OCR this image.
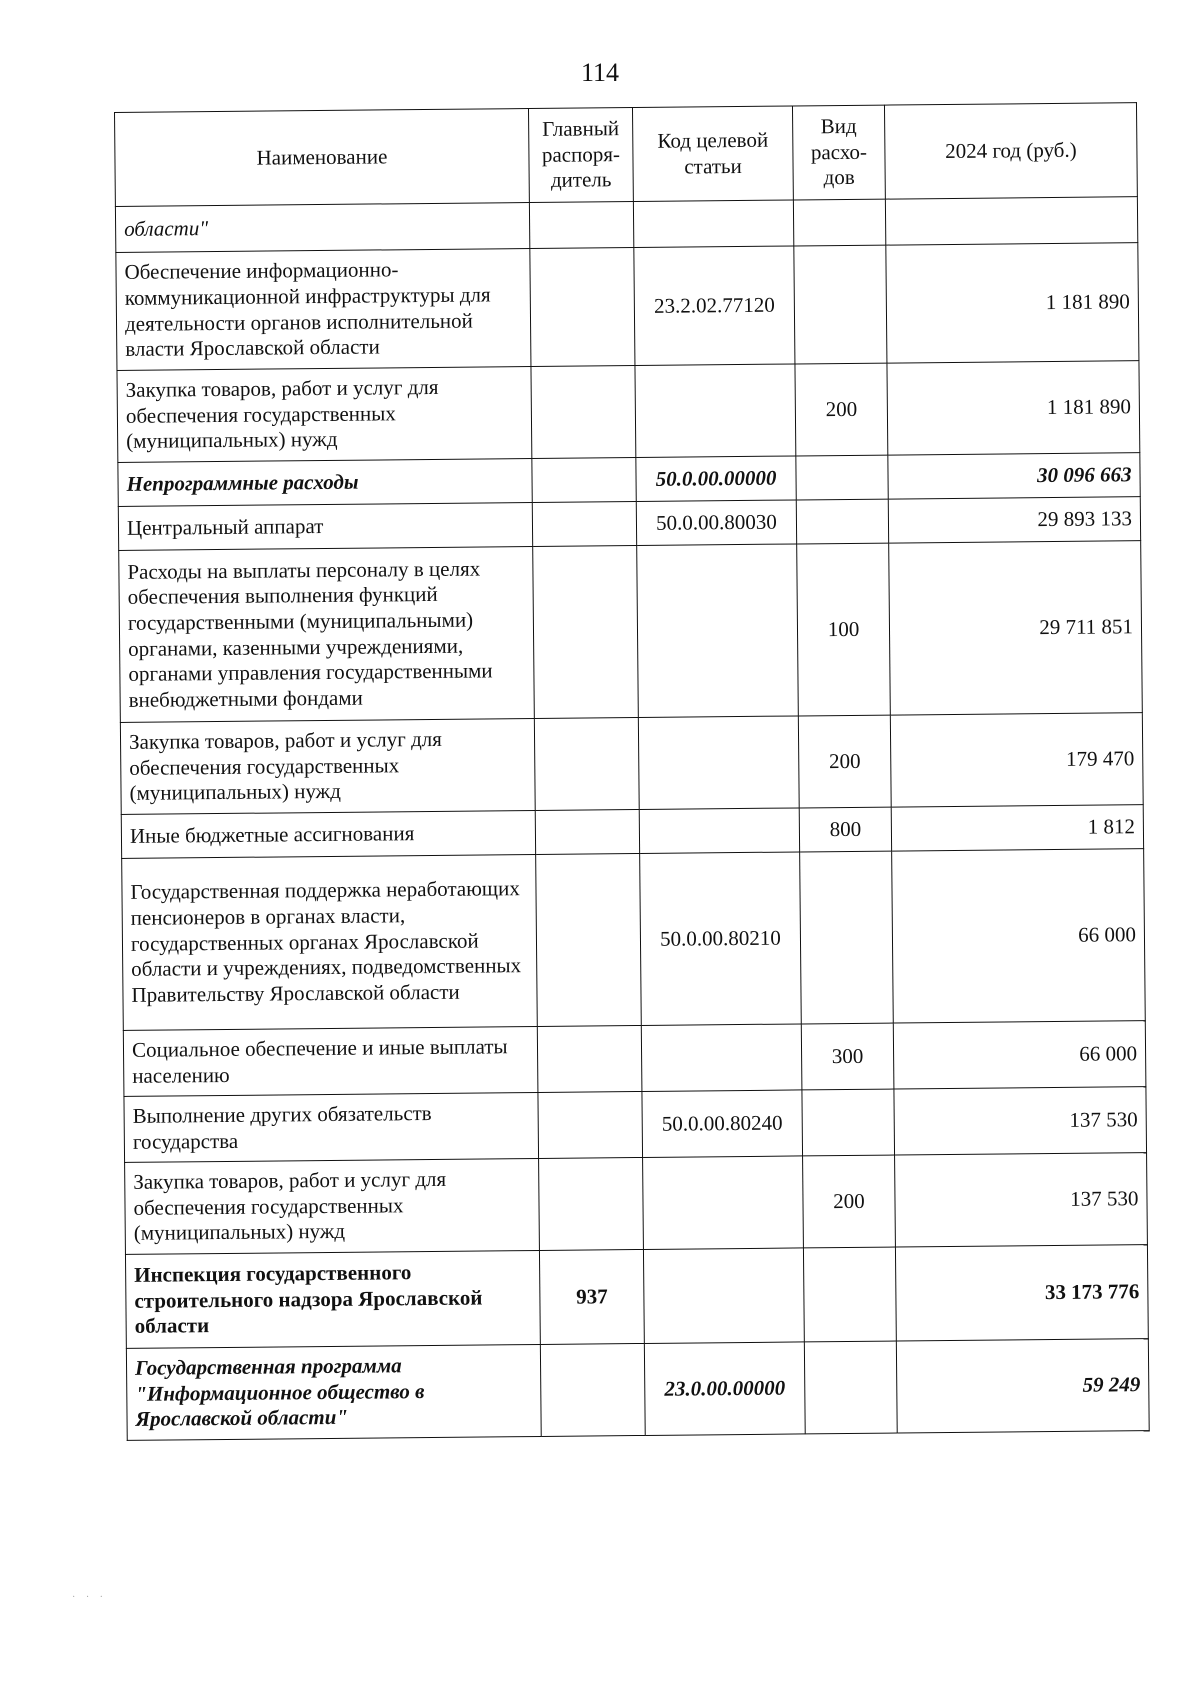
114
Наименование	Главный распоря-дитель	Код целевой статьи	Вид расхо-дов	2024 год (руб.)
области"				
Обеспечение информационно-коммуникационной инфраструктуры для деятельности органов исполнительной власти Ярославской области		23.2.02.77120		1 181 890
Закупка товаров, работ и услуг для обеспечения государственных (муниципальных) нужд			200	1 181 890
Непрограммные расходы		50.0.00.00000		30 096 663
Центральный аппарат		50.0.00.80030		29 893 133
Расходы на выплаты персоналу в целях обеспечения выполнения функций государственными (муниципальными) органами, казенными учреждениями, органами управления государственными внебюджетными фондами			100	29 711 851
Закупка товаров, работ и услуг для обеспечения государственных (муниципальных) нужд			200	179 470
Иные бюджетные ассигнования			800	1 812
Государственная поддержка неработающих пенсионеров в органах власти, государственных органах Ярославской области и учреждениях, подведомственных Правительству Ярославской области		50.0.00.80210		66 000
Социальное обеспечение и иные выплаты населению			300	66 000
Выполнение других обязательств государства		50.0.00.80240		137 530
Закупка товаров, работ и услуг для обеспечения государственных (муниципальных) нужд			200	137 530
Инспекция государственного строительного надзора Ярославской области	937			33 173 776
Государственная программа "Информационное общество в Ярославской области"		23.0.00.00000		59 249
· · ·
